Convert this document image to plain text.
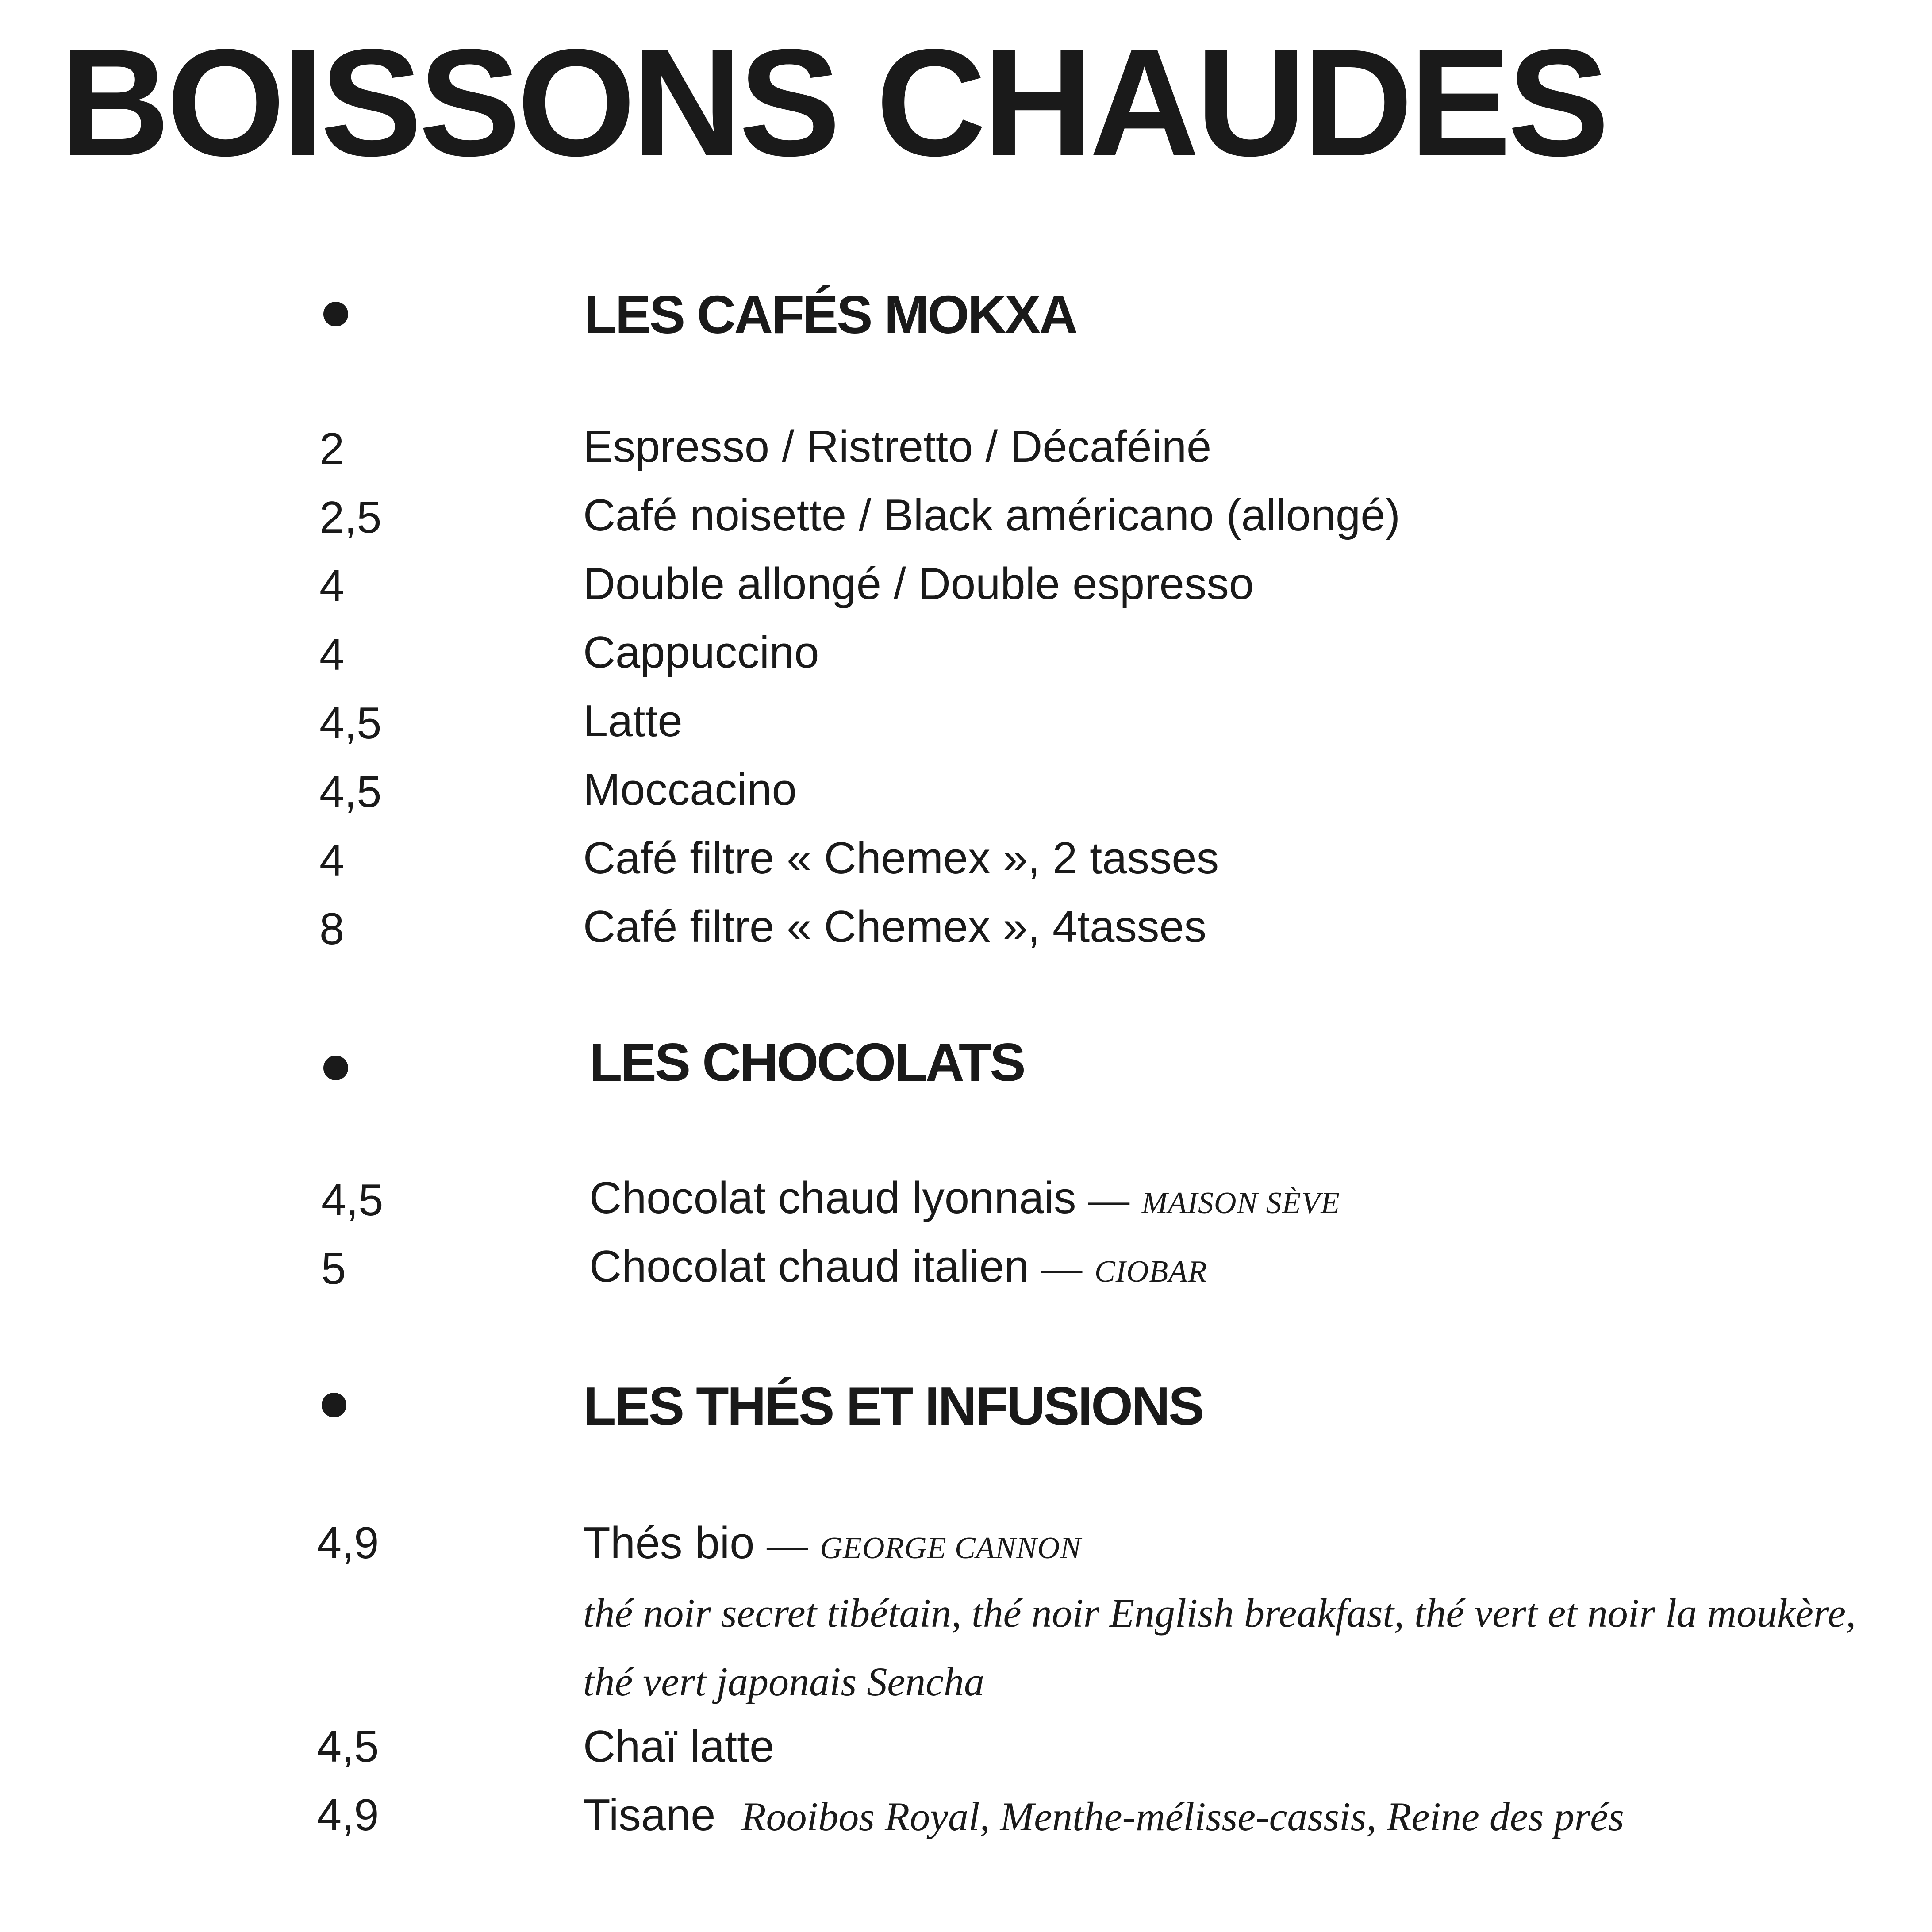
BOISSONS CHAUDES
LES CAFÉS MOKXA
2	Espresso / Ristretto / Décaféiné
2,5	Café noisette / Black américano (allongé)
4	Double allongé / Double espresso
4	Cappuccino
4,5	Latte
4,5	Moccacino
4	Café filtre « Chemex », 2 tasses
8	Café filtre « Chemex », 4tasses
LES CHOCOLATS
4,5	Chocolat chaud lyonnais — MAISON SÈVE
5	Chocolat chaud italien — CIOBAR
LES THÉS ET INFUSIONS
4,9	Thés bio — GEORGE CANNON
thé noir secret tibétain, thé noir English breakfast, thé vert et noir la moukère,
thé vert japonais Sencha
4,5	Chaï latte
4,9	Tisane Rooibos Royal, Menthe-mélisse-cassis, Reine des prés
